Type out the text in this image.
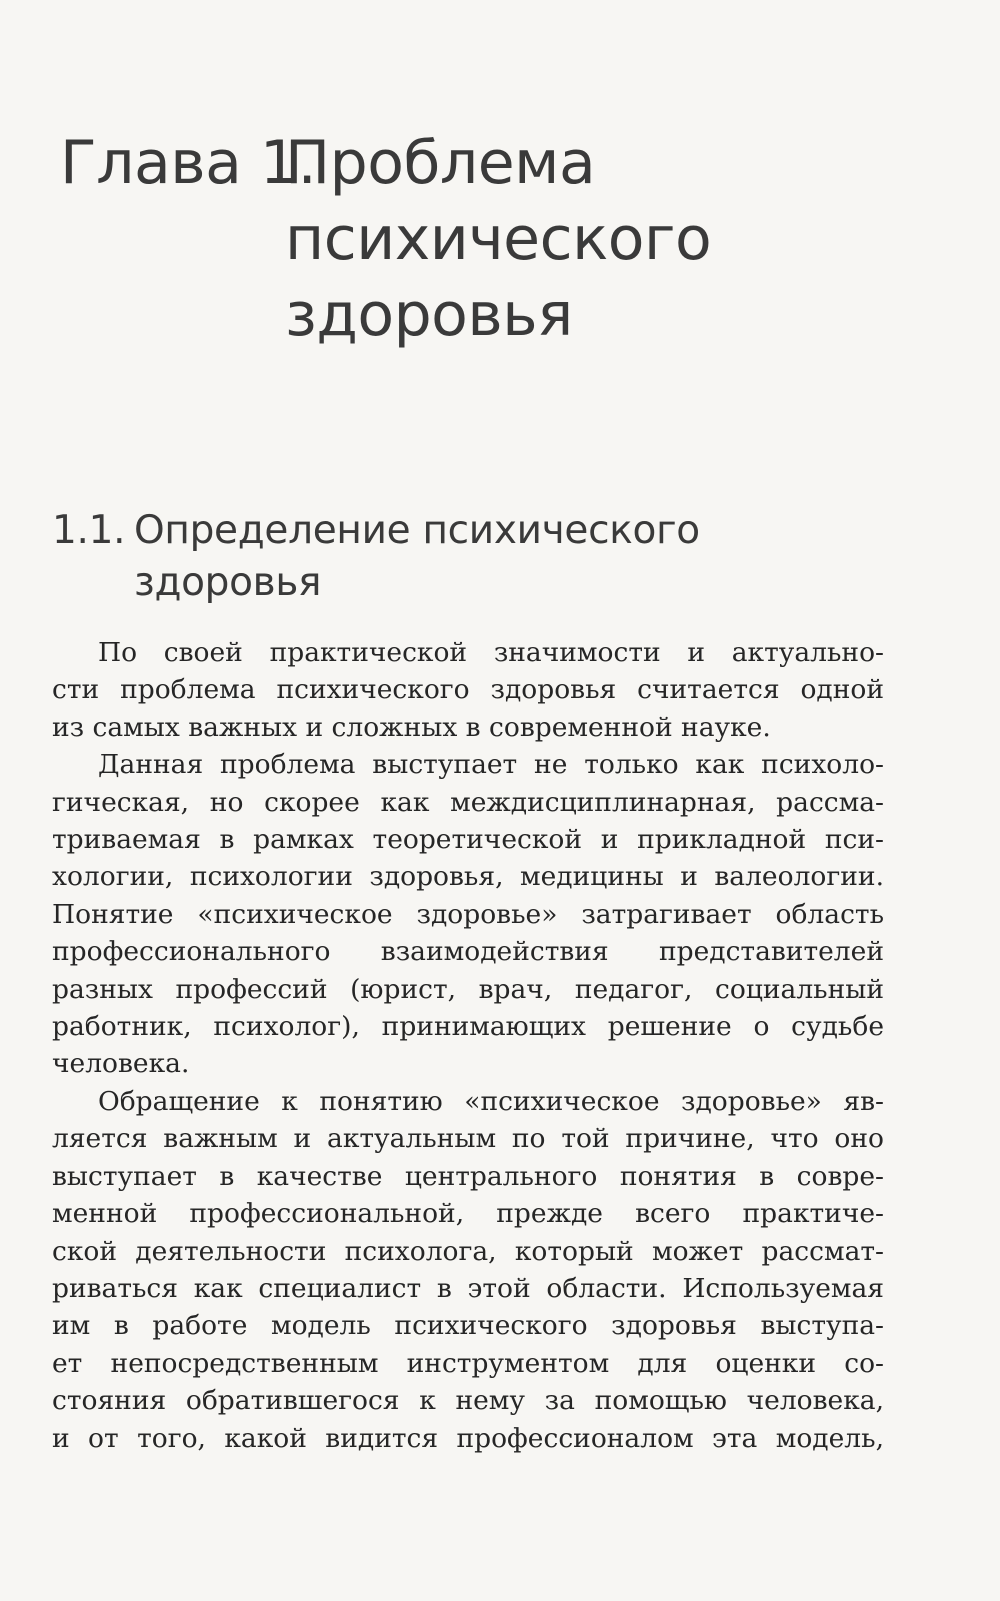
Глава 1.Проблема
психического
здоровья
1.1. Определение психического
здоровья
По своей практической значимости и актуально-
сти проблема психического здоровья считается одной
из самых важных и сложных в современной науке.
Данная проблема выступает не только как психоло-
гическая, но скорее как междисциплинарная, рассма-
триваемая в рамках теоретической и прикладной пси-
хологии, психологии здоровья, медицины и валеологии.
Понятие «психическое здоровье» затрагивает область
профессионального взаимодействия представителей
разных профессий (юрист, врач, педагог, социальный
работник, психолог), принимающих решение о судьбе
человека.
Обращение к понятию «психическое здоровье» яв-
ляется важным и актуальным по той причине, что оно
выступает в качестве центрального понятия в совре-
менной профессиональной, прежде всего практиче-
ской деятельности психолога, который может рассмат-
риваться как специалист в этой области. Используемая
им в работе модель психического здоровья выступа-
ет непосредственным инструментом для оценки со-
стояния обратившегося к нему за помощью человека,
и от того, какой видится профессионалом эта модель,
